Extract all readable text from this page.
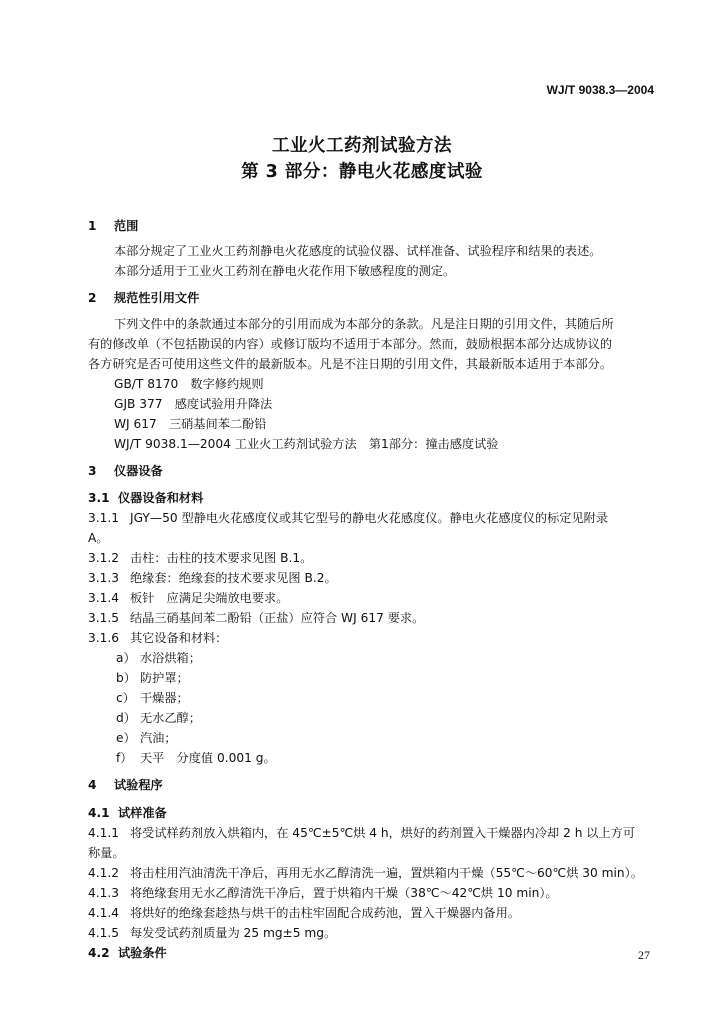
WJ/T 9038.3—2004
工业火工药剂试验方法
第 3 部分：静电火花感度试验
1 范围
本部分规定了工业火工药剂静电火花感度的试验仪器、试样准备、试验程序和结果的表述。
本部分适用于工业火工药剂在静电火花作用下敏感程度的测定。
2 规范性引用文件
下列文件中的条款通过本部分的引用而成为本部分的条款。凡是注日期的引用文件，其随后所
有的修改单（不包括勘误的内容）或修订版均不适用于本部分。然而，鼓励根据本部分达成协议的
各方研究是否可使用这些文件的最新版本。凡是不注日期的引用文件，其最新版本适用于本部分。
GB/T 8170　数字修约规则
GJB 377　感度试验用升降法
WJ 617　三硝基间苯二酚铅
WJ/T 9038.1—2004 工业火工药剂试验方法　第1部分：撞击感度试验
3 仪器设备
3.1 仪器设备和材料
3.1.1 JGY—50 型静电火花感度仪或其它型号的静电火花感度仪。静电火花感度仪的标定见附录
A。
3.1.2 击柱：击柱的技术要求见图 B.1。
3.1.3 绝缘套：绝缘套的技术要求见图 B.2。
3.1.4 板针　应满足尖端放电要求。
3.1.5 结晶三硝基间苯二酚铅（正盐）应符合 WJ 617 要求。
3.1.6 其它设备和材料：
a） 水浴烘箱；
b） 防护罩；
c） 干燥器；
d） 无水乙醇；
e） 汽油；
f） 天平　分度值 0.001 g。
4 试验程序
4.1 试样准备
4.1.1 将受试样药剂放入烘箱内，在 45℃±5℃烘 4 h，烘好的药剂置入干燥器内冷却 2 h 以上方可
称量。
4.1.2 将击柱用汽油清洗干净后，再用无水乙醇清洗一遍，置烘箱内干燥（55℃～60℃烘 30 min）。
4.1.3 将绝缘套用无水乙醇清洗干净后，置于烘箱内干燥（38℃～42℃烘 10 min）。
4.1.4 将烘好的绝缘套趁热与烘干的击柱牢固配合成药池，置入干燥器内备用。
4.1.5 每发受试药剂质量为 25 mg±5 mg。
4.2 试验条件	27
